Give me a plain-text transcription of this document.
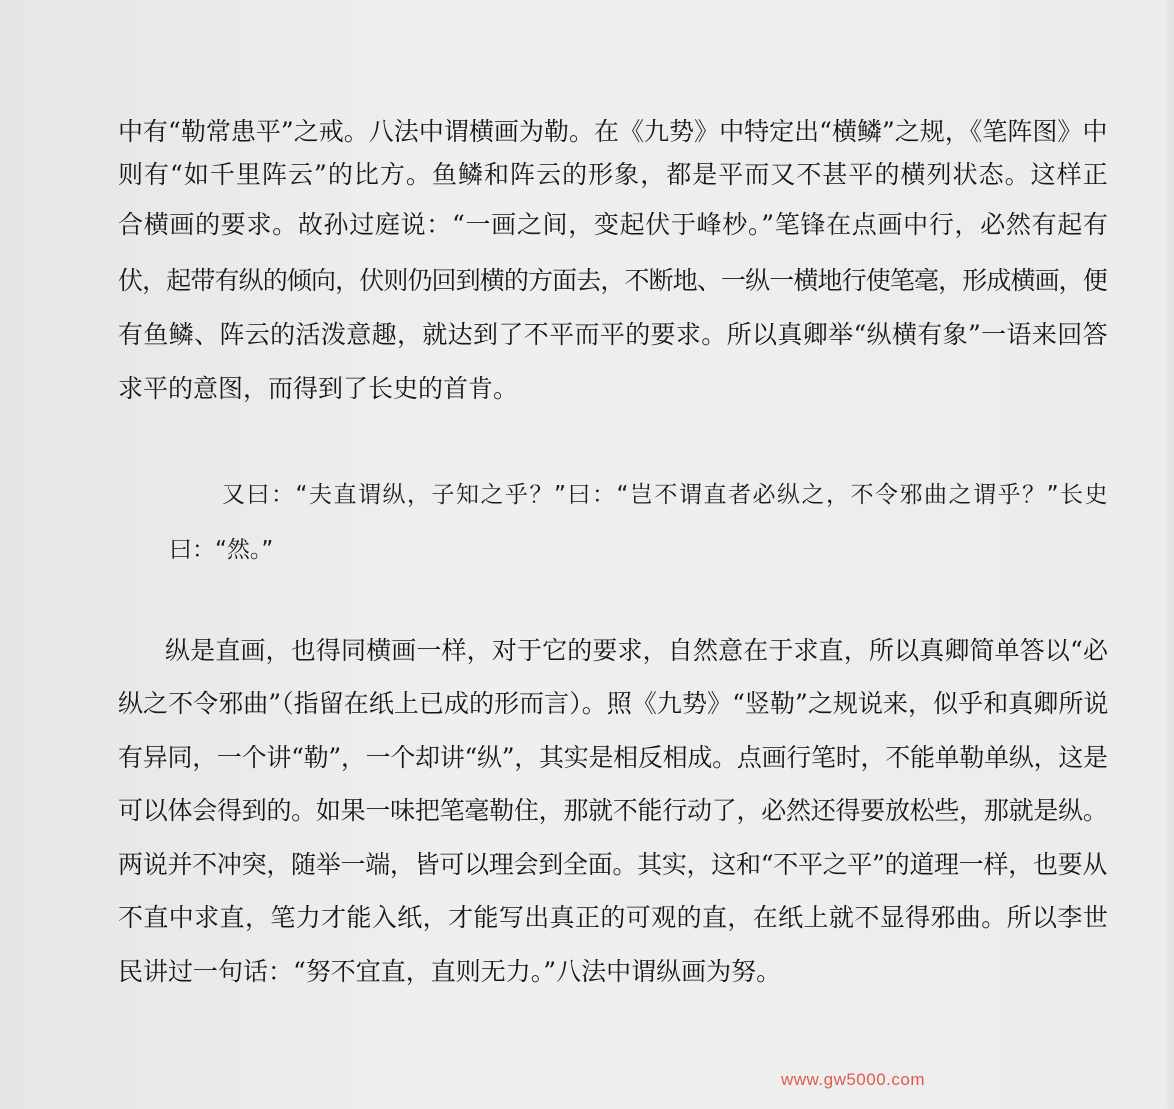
中有“勒常患平”之戒。八法中谓横画为勒。在《九势》中特定出“横鳞”之规，《笔阵图》中

则有“如千里阵云”的比方。鱼鳞和阵云的形象，都是平而又不甚平的横列状态。这样正

合横画的要求。故孙过庭说：“一画之间，变起伏于峰杪。”笔锋在点画中行，必然有起有

伏，起带有纵的倾向，伏则仍回到横的方面去，不断地、一纵一横地行使笔毫，形成横画，便

有鱼鳞、阵云的活泼意趣，就达到了不平而平的要求。所以真卿举“纵横有象”一语来回答

求平的意图，而得到了长史的首肯。

又曰：“夫直谓纵，子知之乎？”曰：“岂不谓直者必纵之，不令邪曲之谓乎？”长史

曰：“然。”

纵是直画，也得同横画一样，对于它的要求，自然意在于求直，所以真卿简单答以“必

纵之不令邪曲”（指留在纸上已成的形而言）。照《九势》“竖勒”之规说来，似乎和真卿所说

有异同，一个讲“勒”，一个却讲“纵”，其实是相反相成。点画行笔时，不能单勒单纵，这是

可以体会得到的。如果一味把笔毫勒住，那就不能行动了，必然还得要放松些，那就是纵。

两说并不冲突，随举一端，皆可以理会到全面。其实，这和“不平之平”的道理一样，也要从

不直中求直，笔力才能入纸，才能写出真正的可观的直，在纸上就不显得邪曲。所以李世

民讲过一句话：“努不宜直，直则无力。”八法中谓纵画为努。

www.gw5000.com
